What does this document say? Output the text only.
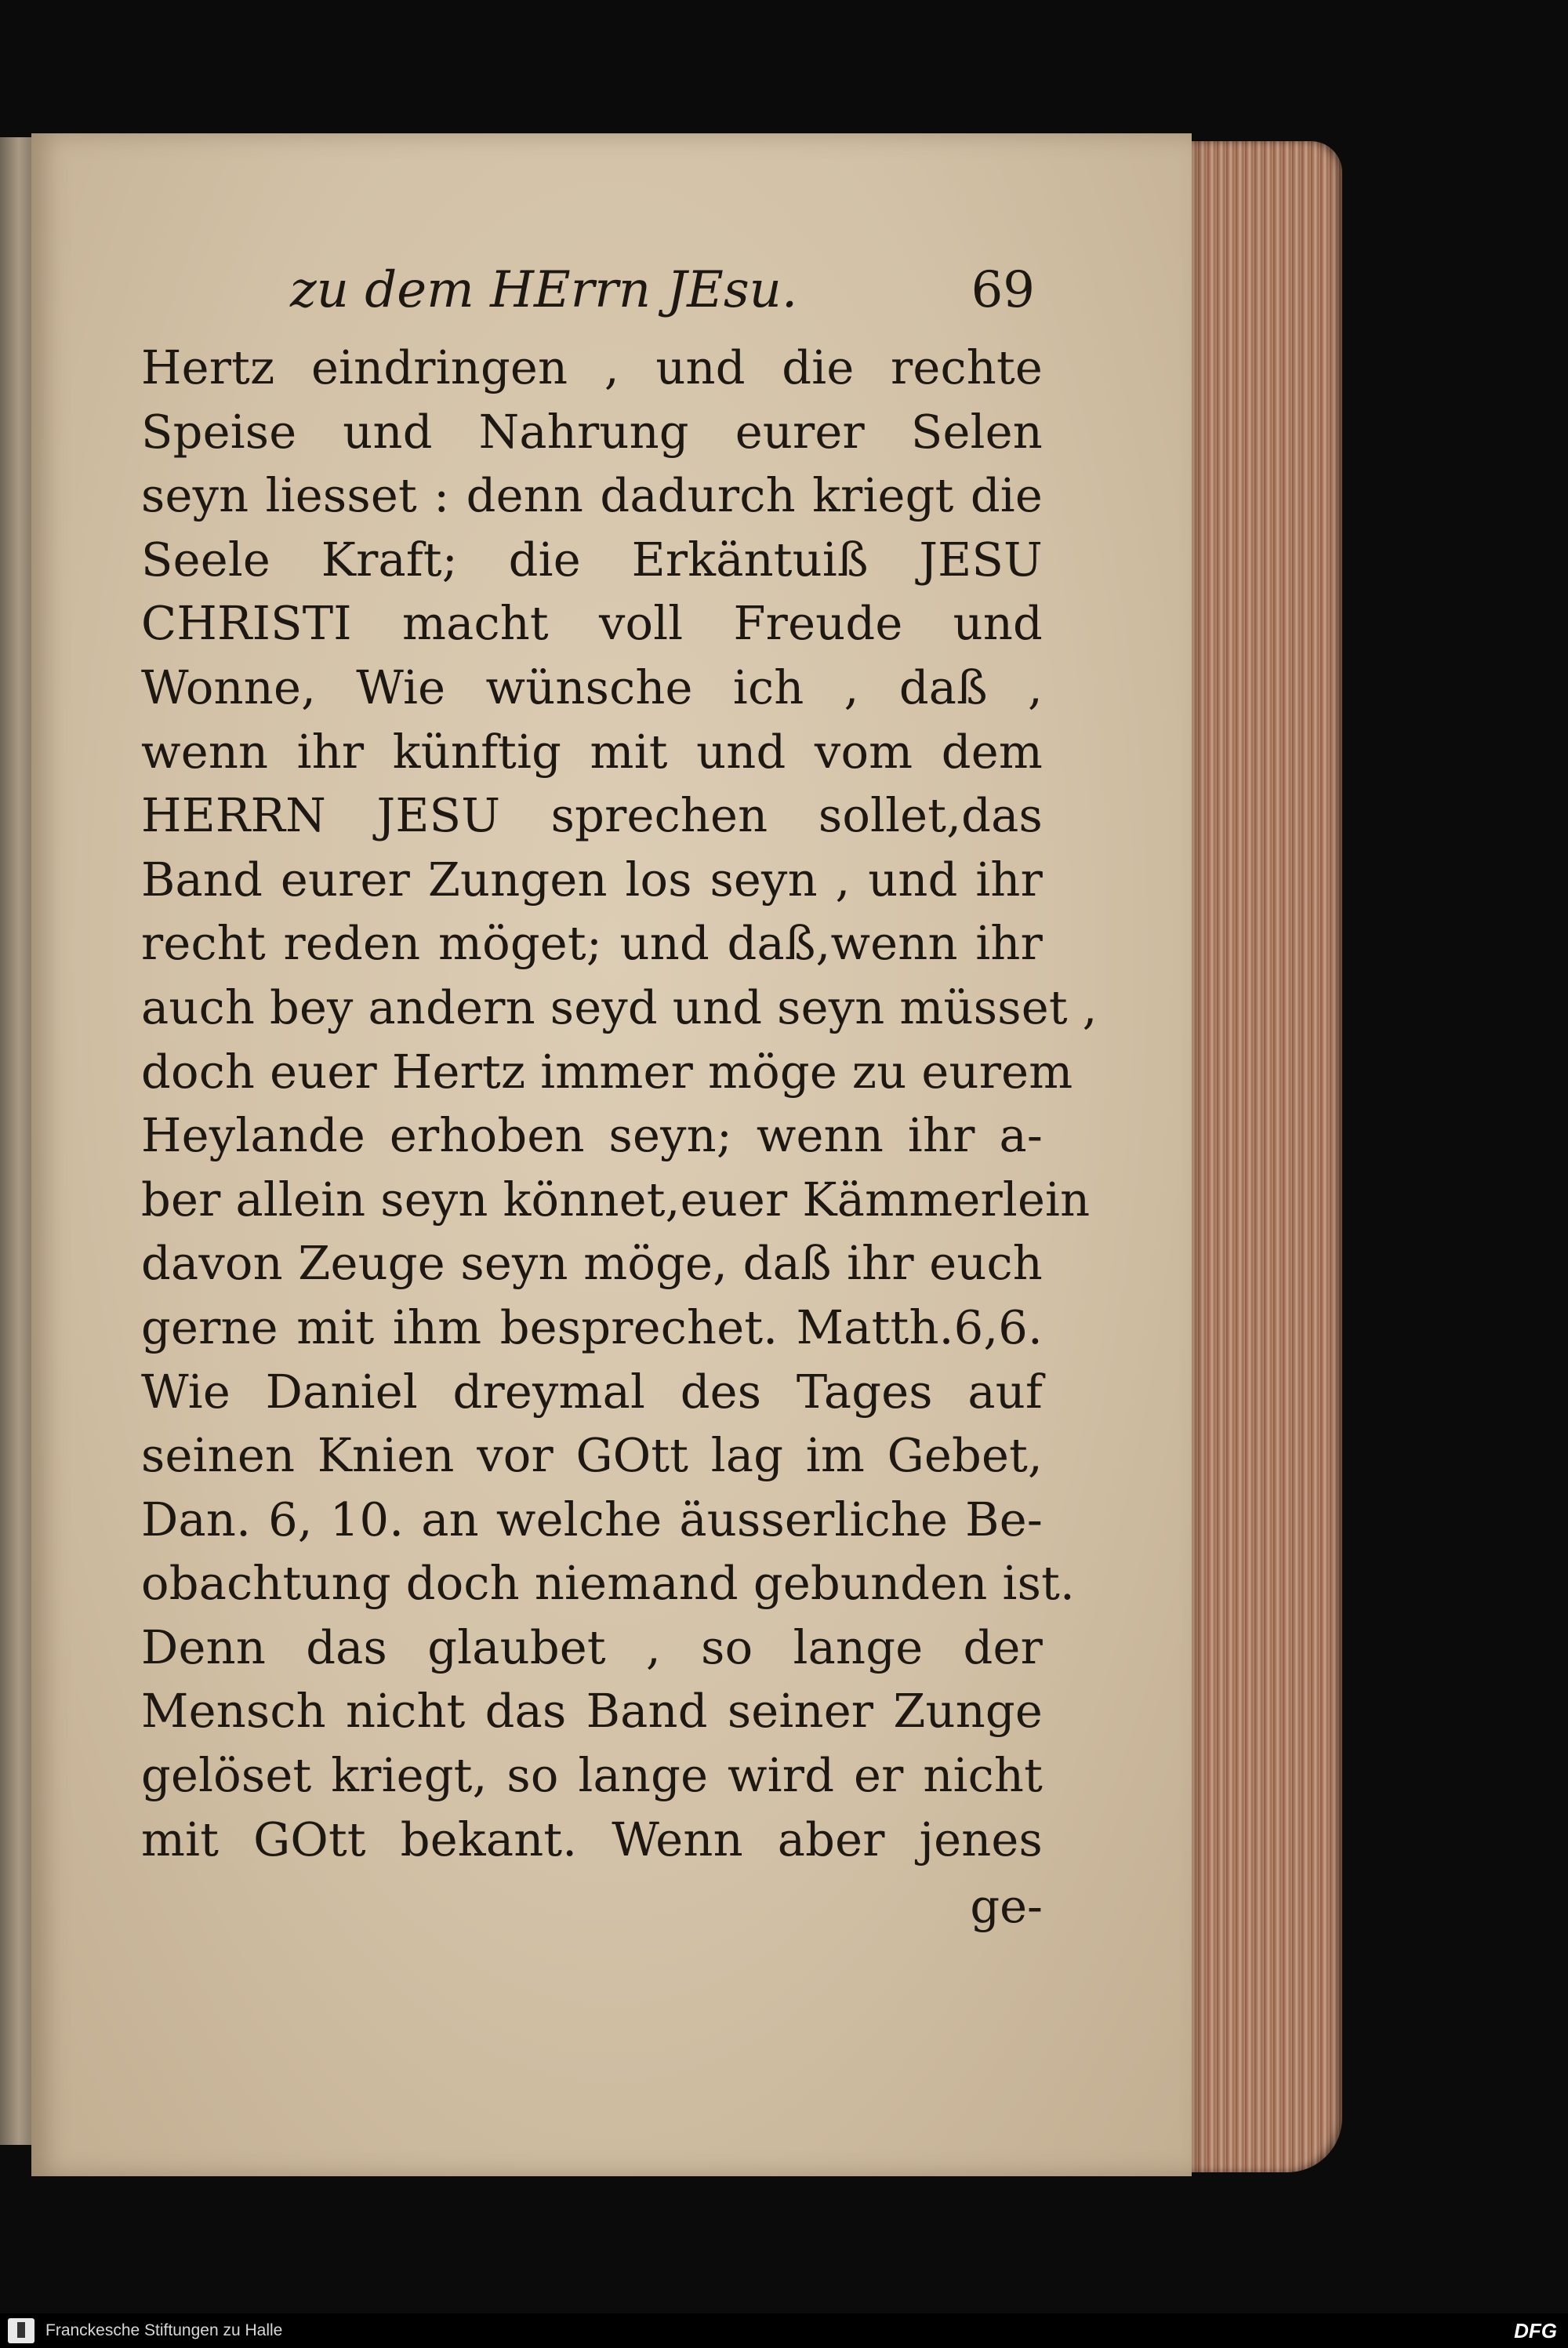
zu dem HErrn JEsu.	69
Hertz eindringen , und die rechte
Speise und Nahrung eurer Selen
seyn liesset : denn dadurch kriegt die
Seele Kraft; die Erkäntuiß JESU
CHRISTI macht voll Freude und
Wonne, Wie wünsche ich , daß ,
wenn ihr künftig mit und vom dem
HERRN JESU sprechen sollet,das
Band eurer Zungen los seyn , und ihr
recht reden möget; und daß,wenn ihr
auch bey andern seyd und seyn müsset ,
doch euer Hertz immer möge zu eurem
Heylande erhoben seyn; wenn ihr a-
ber allein seyn könnet,euer Kämmerlein
davon Zeuge seyn möge, daß ihr euch
gerne mit ihm besprechet. Matth.6,6.
Wie Daniel dreymal des Tages auf
seinen Knien vor GOtt lag im Gebet,
Dan. 6, 10. an welche äusserliche Be-
obachtung doch niemand gebunden ist.
Denn das glaubet , so lange der
Mensch nicht das Band seiner Zunge
gelöset kriegt, so lange wird er nicht
mit GOtt bekant. Wenn aber jenes
ge-
Franckesche Stiftungen zu Halle	DFG
